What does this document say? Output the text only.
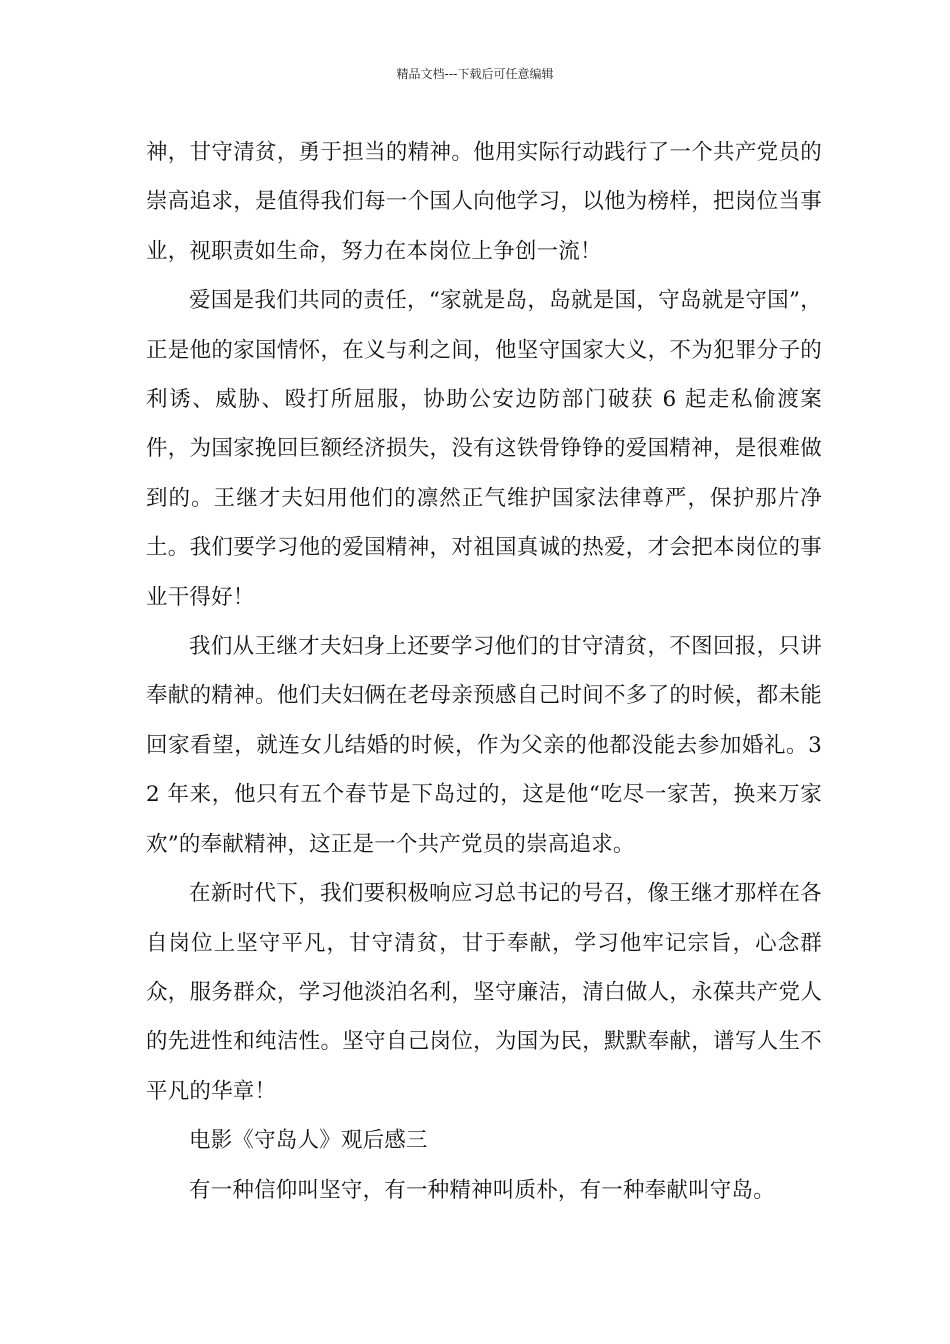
精品文档---下载后可任意编辑

神，甘守清贫，勇于担当的精神。他用实际行动践行了一个共产党员的崇高追求，是值得我们每一个国人向他学习，以他为榜样，把岗位当事业，视职责如生命，努力在本岗位上争创一流！

爱国是我们共同的责任，“家就是岛，岛就是国，守岛就是守国”，正是他的家国情怀，在义与利之间，他坚守国家大义，不为犯罪分子的利诱、威胁、殴打所屈服，协助公安边防部门破获 6 起走私偷渡案件，为国家挽回巨额经济损失，没有这铁骨铮铮的爱国精神，是很难做到的。王继才夫妇用他们的凛然正气维护国家法律尊严，保护那片净土。我们要学习他的爱国精神，对祖国真诚的热爱，才会把本岗位的事业干得好！

我们从王继才夫妇身上还要学习他们的甘守清贫，不图回报，只讲奉献的精神。他们夫妇俩在老母亲预感自己时间不多了的时候，都未能回家看望，就连女儿结婚的时候，作为父亲的他都没能去参加婚礼。32 年来，他只有五个春节是下岛过的，这是他“吃尽一家苦，换来万家欢”的奉献精神，这正是一个共产党员的崇高追求。

在新时代下，我们要积极响应习总书记的号召，像王继才那样在各自岗位上坚守平凡，甘守清贫，甘于奉献，学习他牢记宗旨，心念群众，服务群众，学习他淡泊名利，坚守廉洁，清白做人，永葆共产党人的先进性和纯洁性。坚守自己岗位，为国为民，默默奉献，谱写人生不平凡的华章！

电影《守岛人》观后感三

有一种信仰叫坚守，有一种精神叫质朴，有一种奉献叫守岛。
